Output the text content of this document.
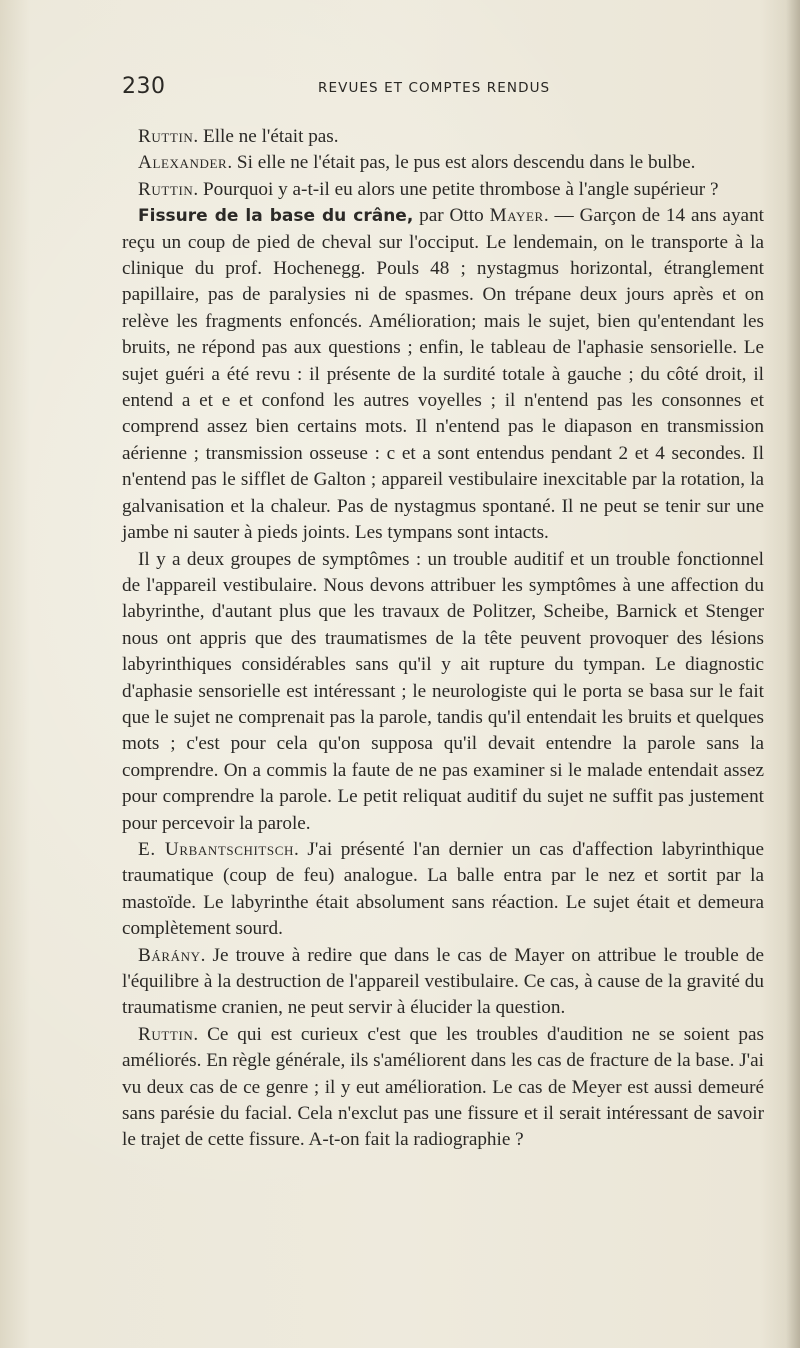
230	REVUES ET COMPTES RENDUS

Ruttin. Elle ne l'était pas.

Alexander. Si elle ne l'était pas, le pus est alors descendu dans le bulbe.

Ruttin. Pourquoi y a-t-il eu alors une petite thrombose à l'angle supérieur ?

Fissure de la base du crâne, par Otto Mayer. — Garçon de 14 ans ayant reçu un coup de pied de cheval sur l'occiput. Le lendemain, on le transporte à la clinique du prof. Hochenegg. Pouls 48 ; nystagmus horizontal, étranglement papillaire, pas de paralysies ni de spasmes. On trépane deux jours après et on relève les fragments enfoncés. Amélioration; mais le sujet, bien qu'entendant les bruits, ne répond pas aux questions ; enfin, le tableau de l'aphasie sensorielle. Le sujet guéri a été revu : il présente de la surdité totale à gauche ; du côté droit, il entend a et e et confond les autres voyelles ; il n'entend pas les consonnes et comprend assez bien certains mots. Il n'entend pas le diapason en transmission aérienne ; transmission osseuse : c et a sont entendus pendant 2 et 4 secondes. Il n'entend pas le sifflet de Galton ; appareil vestibulaire inexcitable par la rotation, la galvanisation et la chaleur. Pas de nystagmus spontané. Il ne peut se tenir sur une jambe ni sauter à pieds joints. Les tympans sont intacts.

Il y a deux groupes de symptômes : un trouble auditif et un trouble fonctionnel de l'appareil vestibulaire. Nous devons attribuer les symptômes à une affection du labyrinthe, d'autant plus que les travaux de Politzer, Scheibe, Barnick et Stenger nous ont appris que des traumatismes de la tête peuvent provoquer des lésions labyrinthiques considérables sans qu'il y ait rupture du tympan. Le diagnostic d'aphasie sensorielle est intéressant ; le neurologiste qui le porta se basa sur le fait que le sujet ne comprenait pas la parole, tandis qu'il entendait les bruits et quelques mots ; c'est pour cela qu'on supposa qu'il devait entendre la parole sans la comprendre. On a commis la faute de ne pas examiner si le malade entendait assez pour comprendre la parole. Le petit reliquat auditif du sujet ne suffit pas justement pour percevoir la parole.

E. Urbantschitsch. J'ai présenté l'an dernier un cas d'affection labyrinthique traumatique (coup de feu) analogue. La balle entra par le nez et sortit par la mastoïde. Le labyrinthe était absolument sans réaction. Le sujet était et demeura complètement sourd.

Bárány. Je trouve à redire que dans le cas de Mayer on attribue le trouble de l'équilibre à la destruction de l'appareil vestibulaire. Ce cas, à cause de la gravité du traumatisme cranien, ne peut servir à élucider la question.

Ruttin. Ce qui est curieux c'est que les troubles d'audition ne se soient pas améliorés. En règle générale, ils s'améliorent dans les cas de fracture de la base. J'ai vu deux cas de ce genre ; il y eut amélioration. Le cas de Meyer est aussi demeuré sans parésie du facial. Cela n'exclut pas une fissure et il serait intéressant de savoir le trajet de cette fissure. A-t-on fait la radiographie ?
